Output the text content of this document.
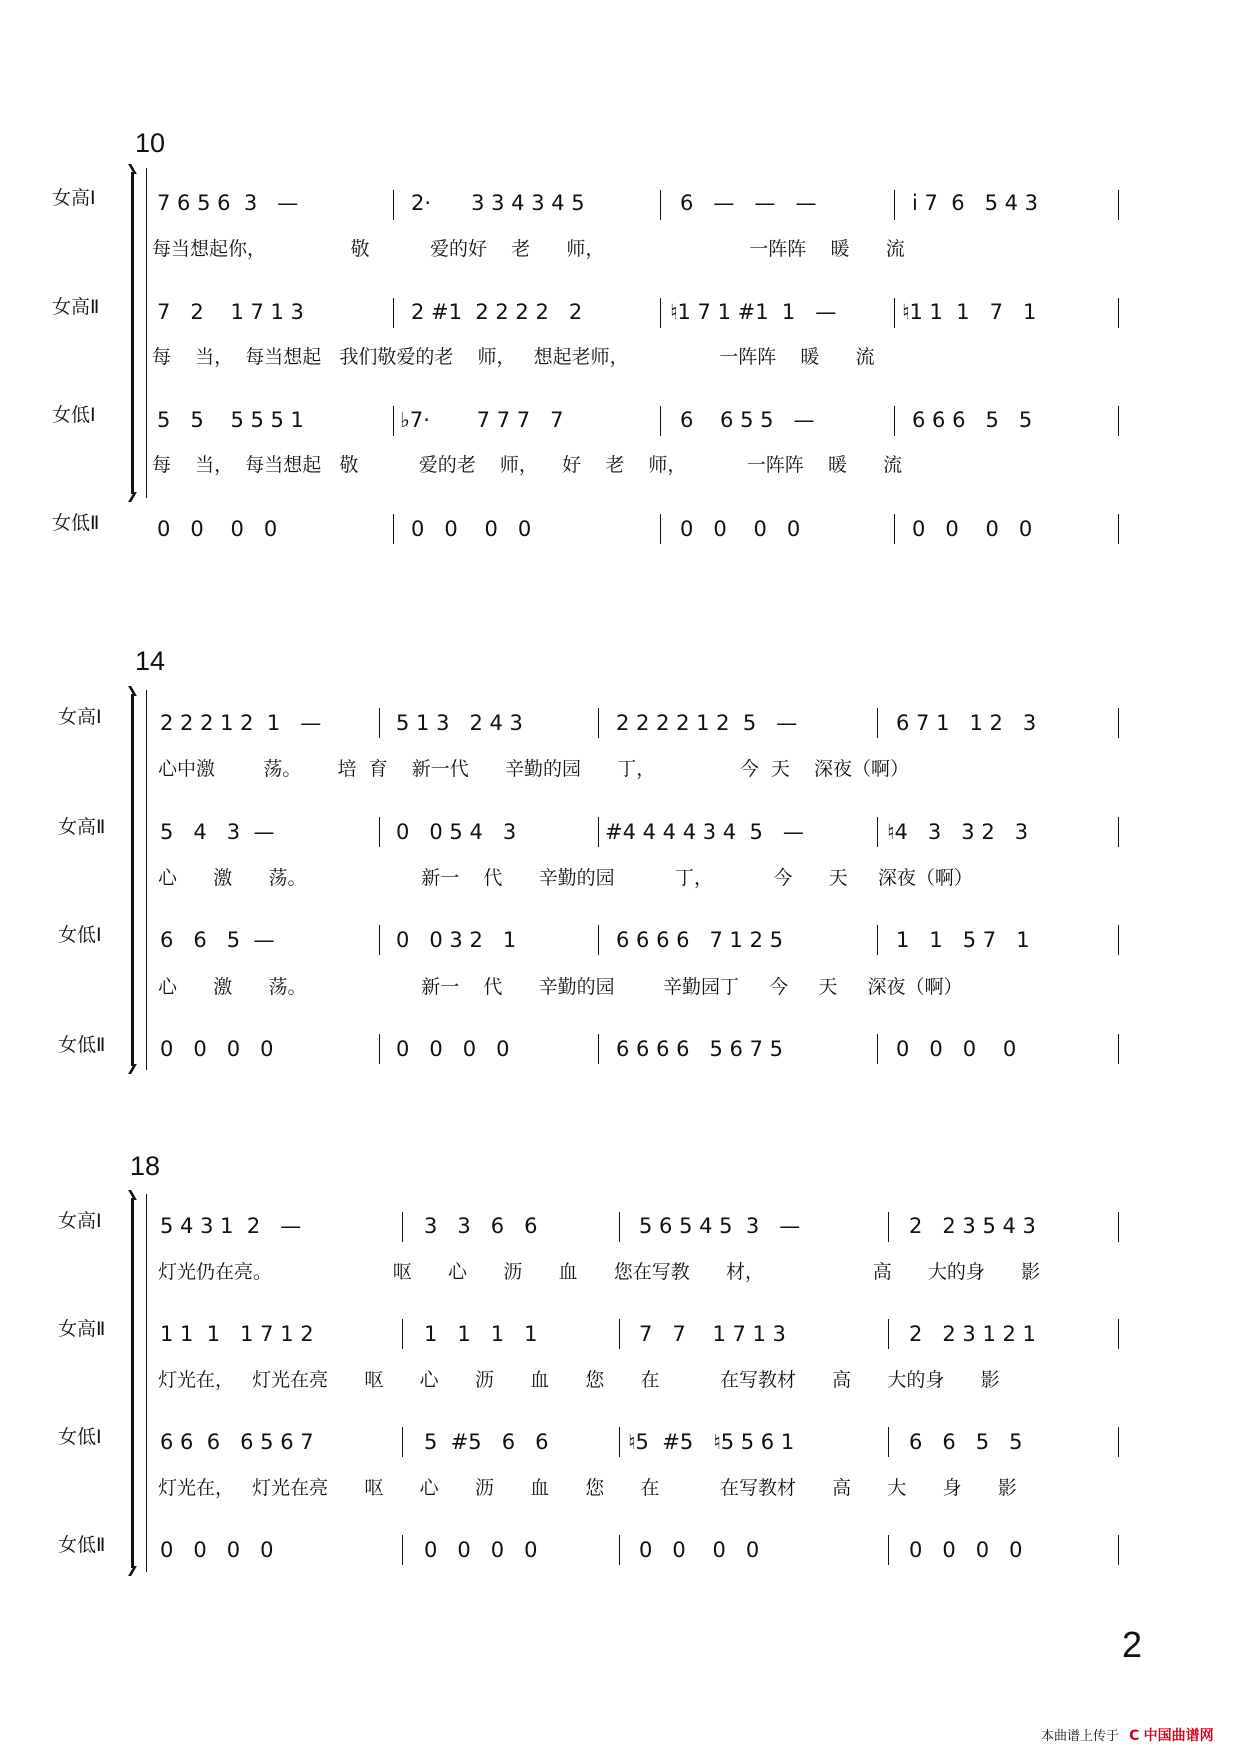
10
女高Ⅰ
女高Ⅱ
女低Ⅰ
女低Ⅱ
7 6 5 6  3   —	2·      3 3 4 3 4 5	6   —   —   —	i 7  6   5 4 3
每当想起你，              敬          爱的好    老      师，                        一阵阵    暖      流
7   2    1 7 1 3	2 #1  2 2 2 2   2	♮1 7 1 #1  1   —	♮1 1  1   7   1
每    当，  每当想起   我们敬爱的老    师，   想起老师，               一阵阵    暖      流
5   5    5 5 5 1	♭7·       7 7 7   7	6    6 5 5   —	6 6 6   5   5
每    当，  每当想起   敬          爱的老    师，    好    老    师，          一阵阵    暖      流
0   0    0   0	0   0    0   0	0   0    0   0	0   0    0   0
14
女高Ⅰ
女高Ⅱ
女低Ⅰ
女低Ⅱ
2 2 2 1 2  1   —	5 1 3   2 4 3	2 2 2 2 1 2  5   —	6 7 1   1 2   3
心中激        荡。      培  育    新一代      辛勤的园      丁，              今  天    深夜（啊）
5   4   3  —	0   0 5 4   3	#4 4 4 4 3 4  5   —	♮4   3   3 2   3
心      激      荡。                   新一    代      辛勤的园          丁，          今      天     深夜（啊）
6   6   5  —	0   0 3 2   1	6 6 6 6   7 1 2 5	1   1   5 7   1
心      激      荡。                   新一    代      辛勤的园        辛勤园丁     今     天     深夜（啊）
0   0   0   0	0   0   0   0	6 6 6 6   5 6 7 5	0   0   0    0
18
女高Ⅰ
女高Ⅱ
女低Ⅰ
女低Ⅱ
5 4 3 1  2   —	3   3   6   6	5 6 5 4 5  3   —	2   2 3 5 4 3
灯光仍在亮。                    呕      心      沥      血      您在写教      材，                  高      大的身      影
1 1  1   1 7 1 2	1   1   1   1	7   7    1 7 1 3	2   2 3 1 2 1
灯光在，   灯光在亮      呕      心      沥      血      您      在          在写教材      高      大的身      影
6 6  6   6 5 6 7	5  #5   6   6	♮5  #5   ♮5 5 6 1	6   6   5   5
灯光在，   灯光在亮      呕      心      沥      血      您      在          在写教材      高      大      身      影
0   0   0   0	0   0   0   0	0   0    0   0	0   0   0   0
2
本曲谱上传于 C 中国曲谱网
